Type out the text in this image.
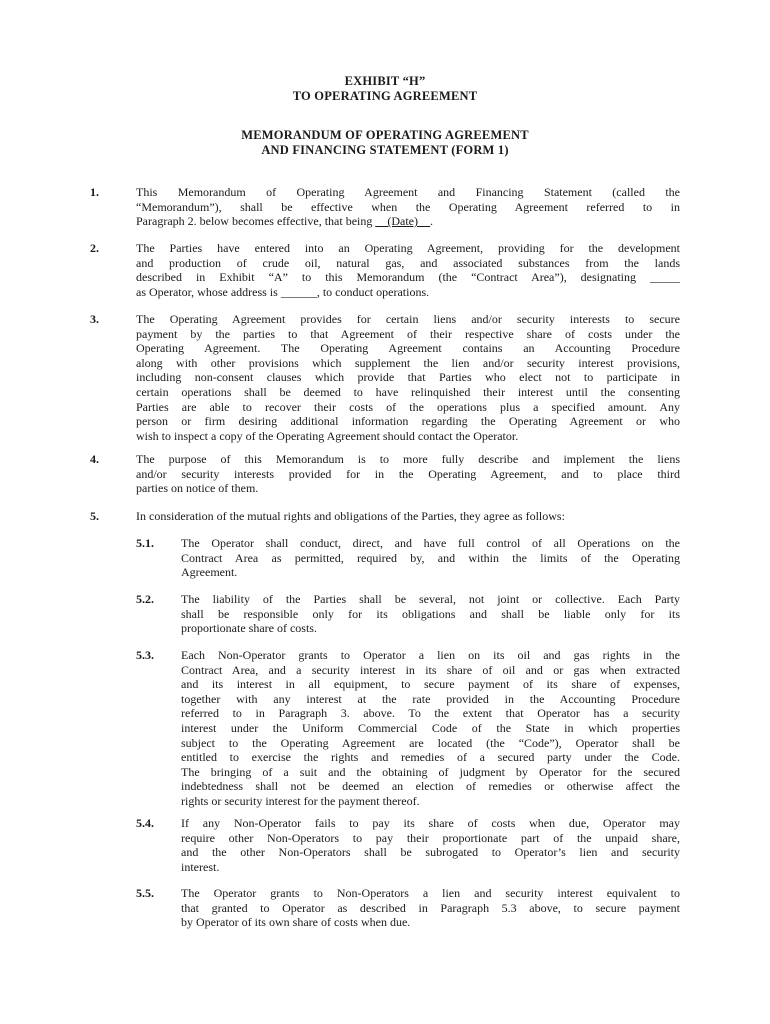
EXHIBIT “H”
TO OPERATING AGREEMENT
MEMORANDUM OF OPERATING AGREEMENT
AND FINANCING STATEMENT (FORM 1)
1.	This Memorandum of Operating Agreement and Financing Statement (called the
“Memorandum”), shall be effective when the Operating Agreement referred to in
Paragraph 2. below becomes effective, that being __(Date)__.
2.	The Parties have entered into an Operating Agreement, providing for the development
and production of crude oil, natural gas, and associated substances from the lands
described in Exhibit “A” to this Memorandum (the “Contract Area”), designating _____
as Operator, whose address is ______, to conduct operations.
3.	The Operating Agreement provides for certain liens and/or security interests to secure
payment by the parties to that Agreement of their respective share of costs under the
Operating Agreement. The Operating Agreement contains an Accounting Procedure
along with other provisions which supplement the lien and/or security interest provisions,
including non-consent clauses which provide that Parties who elect not to participate in
certain operations shall be deemed to have relinquished their interest until the consenting
Parties are able to recover their costs of the operations plus a specified amount. Any
person or firm desiring additional information regarding the Operating Agreement or who
wish to inspect a copy of the Operating Agreement should contact the Operator.
4.	The purpose of this Memorandum is to more fully describe and implement the liens
and/or security interests provided for in the Operating Agreement, and to place third
parties on notice of them.
5.	In consideration of the mutual rights and obligations of the Parties, they agree as follows:
5.1. The Operator shall conduct, direct, and have full control of all Operations on the
Contract Area as permitted, required by, and within the limits of the Operating
Agreement.
5.2. The liability of the Parties shall be several, not joint or collective. Each Party
shall be responsible only for its obligations and shall be liable only for its
proportionate share of costs.
5.3. Each Non-Operator grants to Operator a lien on its oil and gas rights in the
Contract Area, and a security interest in its share of oil and or gas when extracted
and its interest in all equipment, to secure payment of its share of expenses,
together with any interest at the rate provided in the Accounting Procedure
referred to in Paragraph 3. above. To the extent that Operator has a security
interest under the Uniform Commercial Code of the State in which properties
subject to the Operating Agreement are located (the “Code”), Operator shall be
entitled to exercise the rights and remedies of a secured party under the Code.
The bringing of a suit and the obtaining of judgment by Operator for the secured
indebtedness shall not be deemed an election of remedies or otherwise affect the
rights or security interest for the payment thereof.
5.4. If any Non-Operator fails to pay its share of costs when due, Operator may
require other Non-Operators to pay their proportionate part of the unpaid share,
and the other Non-Operators shall be subrogated to Operator’s lien and security
interest.
5.5. The Operator grants to Non-Operators a lien and security interest equivalent to
that granted to Operator as described in Paragraph 5.3 above, to secure payment
by Operator of its own share of costs when due.
